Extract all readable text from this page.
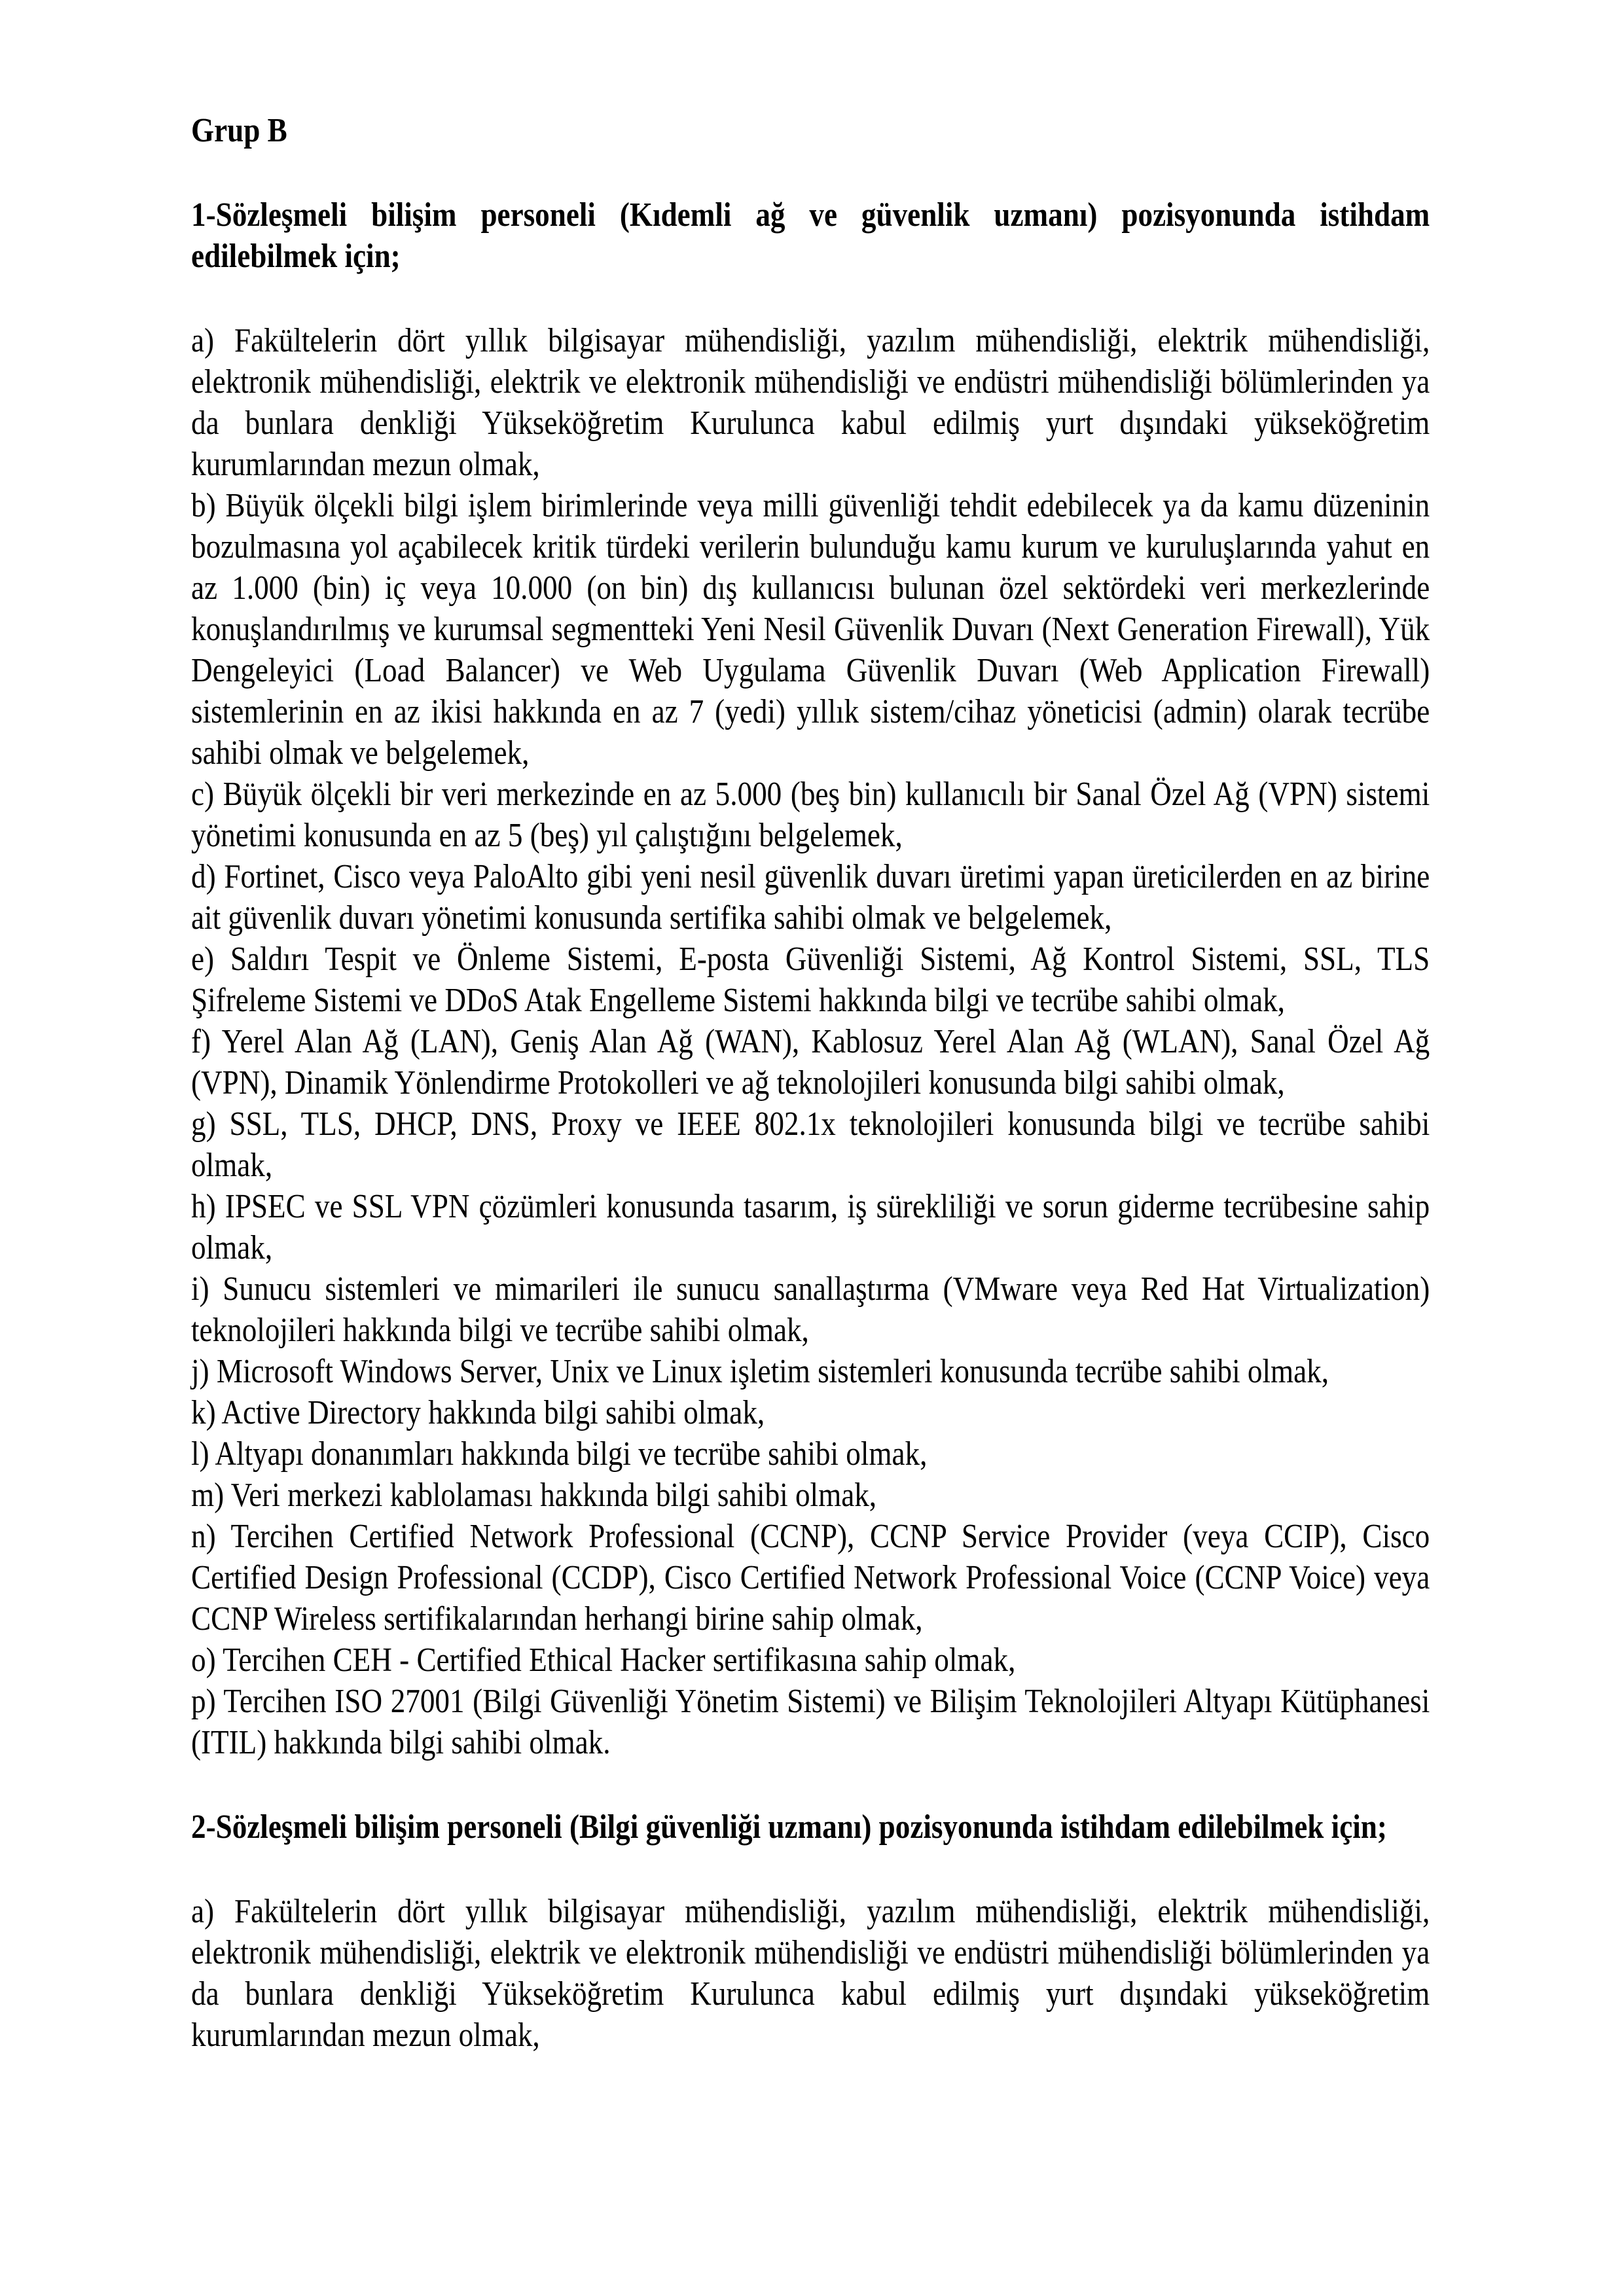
Grup B

1-Sözleşmeli bilişim personeli (Kıdemli ağ ve güvenlik uzmanı) pozisyonunda istihdam edilebilmek için;

a) Fakültelerin dört yıllık bilgisayar mühendisliği, yazılım mühendisliği, elektrik mühendisliği, elektronik mühendisliği, elektrik ve elektronik mühendisliği ve endüstri mühendisliği bölümlerinden ya da bunlara denkliği Yükseköğretim Kurulunca kabul edilmiş yurt dışındaki yükseköğretim kurumlarından mezun olmak,

b) Büyük ölçekli bilgi işlem birimlerinde veya milli güvenliği tehdit edebilecek ya da kamu düzeninin bozulmasına yol açabilecek kritik türdeki verilerin bulunduğu kamu kurum ve kuruluşlarında yahut en az 1.000 (bin) iç veya 10.000 (on bin) dış kullanıcısı bulunan özel sektördeki veri merkezlerinde konuşlandırılmış ve kurumsal segmentteki Yeni Nesil Güvenlik Duvarı (Next Generation Firewall), Yük Dengeleyici (Load Balancer) ve Web Uygulama Güvenlik Duvarı (Web Application Firewall) sistemlerinin en az ikisi hakkında en az 7 (yedi) yıllık sistem/cihaz yöneticisi (admin) olarak tecrübe sahibi olmak ve belgelemek,

c) Büyük ölçekli bir veri merkezinde en az 5.000 (beş bin) kullanıcılı bir Sanal Özel Ağ (VPN) sistemi yönetimi konusunda en az 5 (beş) yıl çalıştığını belgelemek,

d) Fortinet, Cisco veya PaloAlto gibi yeni nesil güvenlik duvarı üretimi yapan üreticilerden en az birine ait güvenlik duvarı yönetimi konusunda sertifika sahibi olmak ve belgelemek,

e) Saldırı Tespit ve Önleme Sistemi, E-posta Güvenliği Sistemi, Ağ Kontrol Sistemi, SSL, TLS Şifreleme Sistemi ve DDoS Atak Engelleme Sistemi hakkında bilgi ve tecrübe sahibi olmak,

f) Yerel Alan Ağ (LAN), Geniş Alan Ağ (WAN), Kablosuz Yerel Alan Ağ (WLAN), Sanal Özel Ağ (VPN), Dinamik Yönlendirme Protokolleri ve ağ teknolojileri konusunda bilgi sahibi olmak,

g) SSL, TLS, DHCP, DNS, Proxy ve IEEE 802.1x teknolojileri konusunda bilgi ve tecrübe sahibi olmak,

h) IPSEC ve SSL VPN çözümleri konusunda tasarım, iş sürekliliği ve sorun giderme tecrübesine sahip olmak,

i) Sunucu sistemleri ve mimarileri ile sunucu sanallaştırma (VMware veya Red Hat Virtualization) teknolojileri hakkında bilgi ve tecrübe sahibi olmak,

j) Microsoft Windows Server, Unix ve Linux işletim sistemleri konusunda tecrübe sahibi olmak,

k) Active Directory hakkında bilgi sahibi olmak,

l) Altyapı donanımları hakkında bilgi ve tecrübe sahibi olmak,

m) Veri merkezi kablolaması hakkında bilgi sahibi olmak,

n) Tercihen Certified Network Professional (CCNP), CCNP Service Provider (veya CCIP), Cisco Certified Design Professional (CCDP), Cisco Certified Network Professional Voice (CCNP Voice) veya CCNP Wireless sertifikalarından herhangi birine sahip olmak,

o) Tercihen CEH - Certified Ethical Hacker sertifikasına sahip olmak,

p) Tercihen ISO 27001 (Bilgi Güvenliği Yönetim Sistemi) ve Bilişim Teknolojileri Altyapı Kütüphanesi (ITIL) hakkında bilgi sahibi olmak.

2-Sözleşmeli bilişim personeli (Bilgi güvenliği uzmanı) pozisyonunda istihdam edilebilmek için;

a) Fakültelerin dört yıllık bilgisayar mühendisliği, yazılım mühendisliği, elektrik mühendisliği, elektronik mühendisliği, elektrik ve elektronik mühendisliği ve endüstri mühendisliği bölümlerinden ya da bunlara denkliği Yükseköğretim Kurulunca kabul edilmiş yurt dışındaki yükseköğretim kurumlarından mezun olmak,
